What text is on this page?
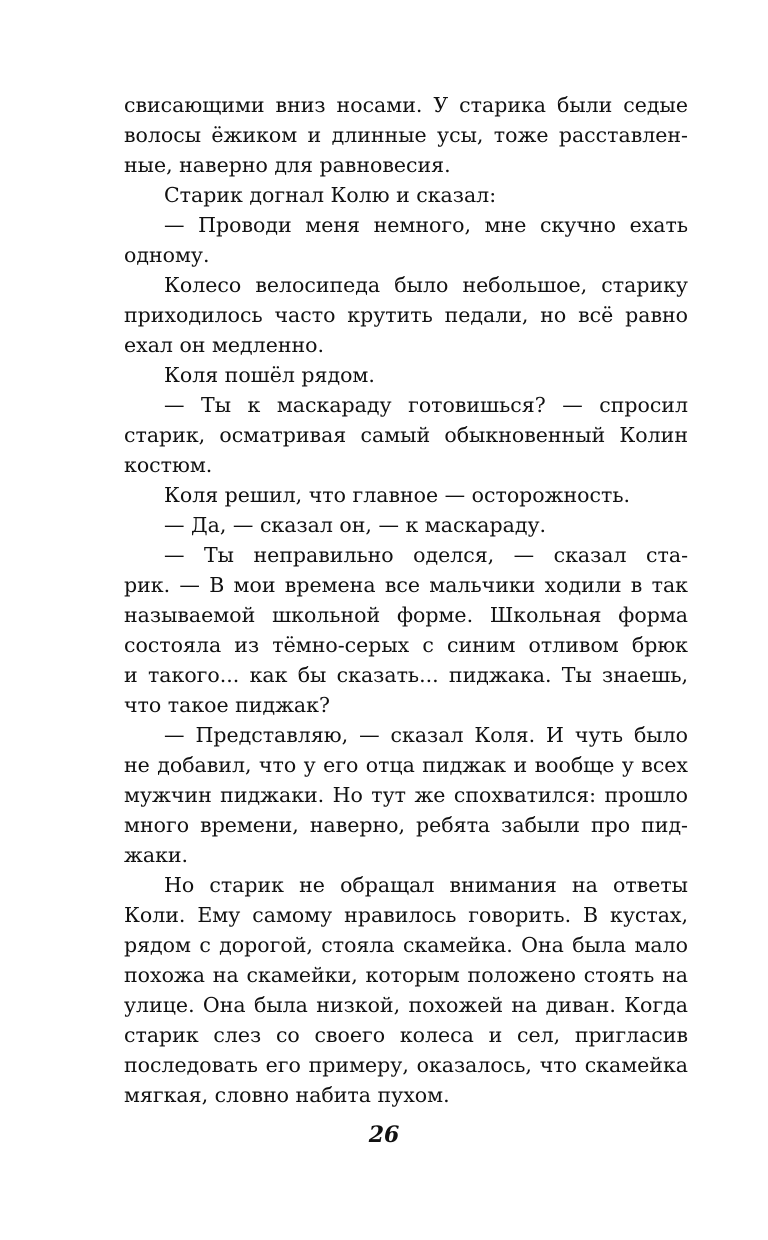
свисающими вниз носами. У старика были седые
волосы ёжиком и длинные усы, тоже расставлен-
ные, наверно для равновесия.
Старик догнал Колю и сказал:
— Проводи меня немного, мне скучно ехать
одному.
Колесо велосипеда было небольшое, старику
приходилось часто крутить педали, но всё равно
ехал он медленно.
Коля пошёл рядом.
— Ты к маскараду готовишься? — спросил
старик, осматривая самый обыкновенный Колин
костюм.
Коля решил, что главное — осторожность.
— Да, — сказал он, — к маскараду.
— Ты неправильно оделся, — сказал ста-
рик. — В мои времена все мальчики ходили в так
называемой школьной форме. Школьная форма
состояла из тёмно-серых с синим отливом брюк
и такого... как бы сказать... пиджака. Ты знаешь,
что такое пиджак?
— Представляю, — сказал Коля. И чуть было
не добавил, что у его отца пиджак и вообще у всех
мужчин пиджаки. Но тут же спохватился: прошло
много времени, наверно, ребята забыли про пид-
жаки.
Но старик не обращал внимания на ответы
Коли. Ему самому нравилось говорить. В кустах,
рядом с дорогой, стояла скамейка. Она была мало
похожа на скамейки, которым положено стоять на
улице. Она была низкой, похожей на диван. Когда
старик слез со своего колеса и сел, пригласив
последовать его примеру, оказалось, что скамейка
мягкая, словно набита пухом.
26
